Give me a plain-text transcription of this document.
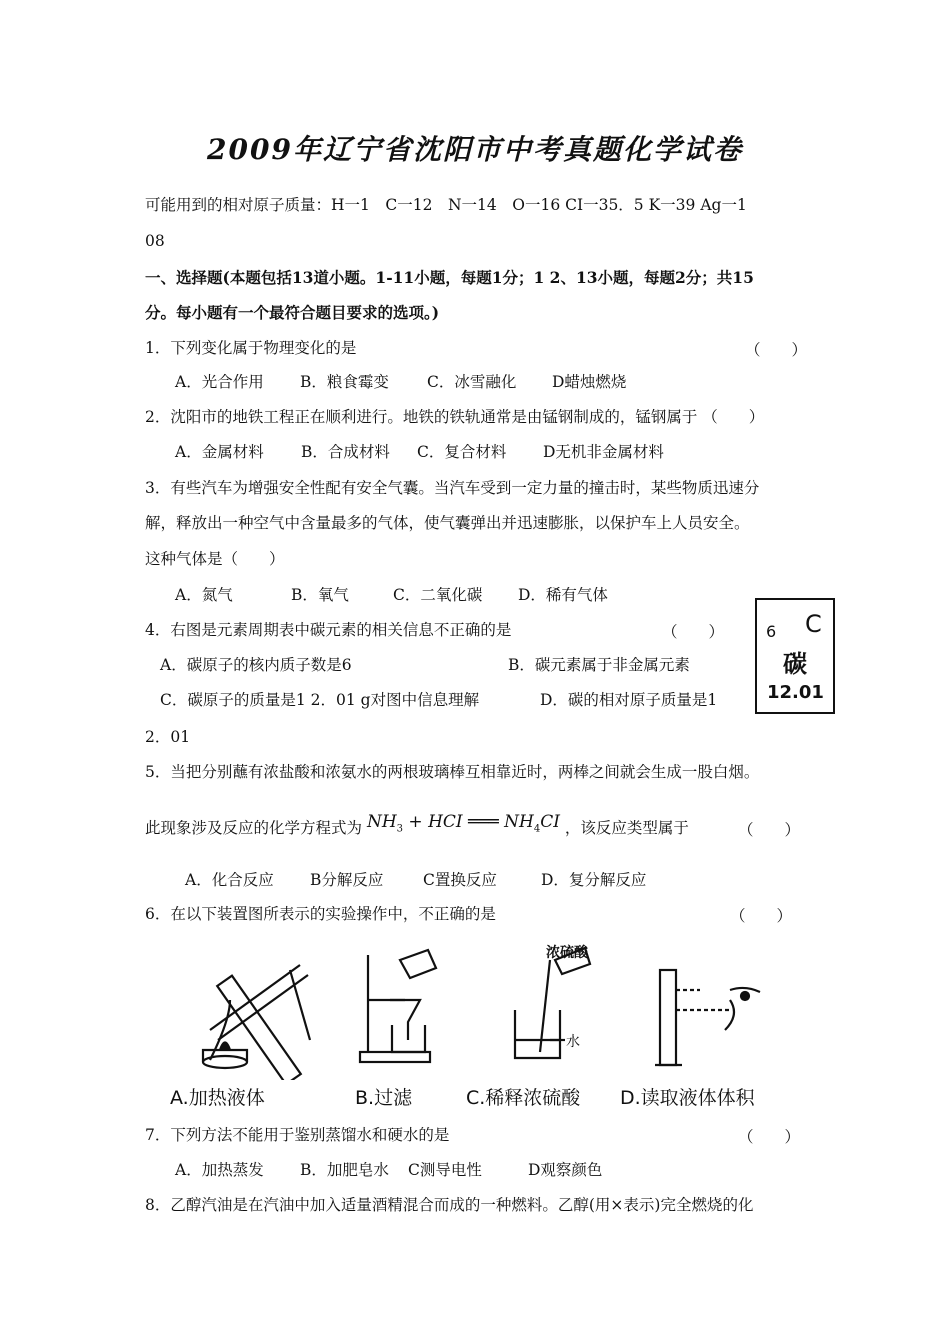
2009年辽宁省沈阳市中考真题化学试卷
可能用到的相对原子质量：H一1　C一12　N一14　O一16 CI一35．5 K一39 Ag一1
08
一、选择题(本题包括13道小题。1-11小题，每题1分；1 2、13小题，每题2分；共15
分。每小题有一个最符合题目要求的选项。)
1．下列变化属于物理变化的是	（　　）
A．光合作用 B．粮食霉变 C．冰雪融化 D蜡烛燃烧
2．沈阳市的地铁工程正在顺利进行。地铁的铁轨通常是由锰钢制成的，锰钢属于 （　　）
A．金属材料 B．合成材料 C．复合材料 D无机非金属材料
3．有些汽车为增强安全性配有安全气囊。当汽车受到一定力量的撞击时，某些物质迅速分
解，释放出一种空气中含量最多的气体，使气囊弹出并迅速膨胀，以保护车上人员安全。
这种气体是（　　）
A．氮气	B．氧气	C．二氧化碳 D．稀有气体
4．右图是元素周期表中碳元素的相关信息不正确的是	（　　）
A．碳原子的核内质子数是6	B．碳元素属于非金属元素
C．碳原子的质量是1 2．01 g对图中信息理解	D．碳的相对原子质量是1
2．01
6 C
碳
12.01
5．当把分别蘸有浓盐酸和浓氨水的两根玻璃棒互相靠近时，两棒之间就会生成一股白烟。
此现象涉及反应的化学方程式为 $NH_3$ + HCI ═══ $NH_4CI$ ，该反应类型属于	（　　）
A．化合反应 B分解反应	C置换反应	D．复分解反应
6．在以下装置图所表示的实验操作中，不正确的是	（　　）
A.加热液体	B.过滤	C.稀释浓硫酸 D.读取液体体积
浓硫酸
水
7．下列方法不能用于鉴别蒸馏水和硬水的是	（　　）
A．加热蒸发 B．加肥皂水 C测导电性	D观察颜色
8．乙醇汽油是在汽油中加入适量酒精混合而成的一种燃料。乙醇(用×表示)完全燃烧的化
